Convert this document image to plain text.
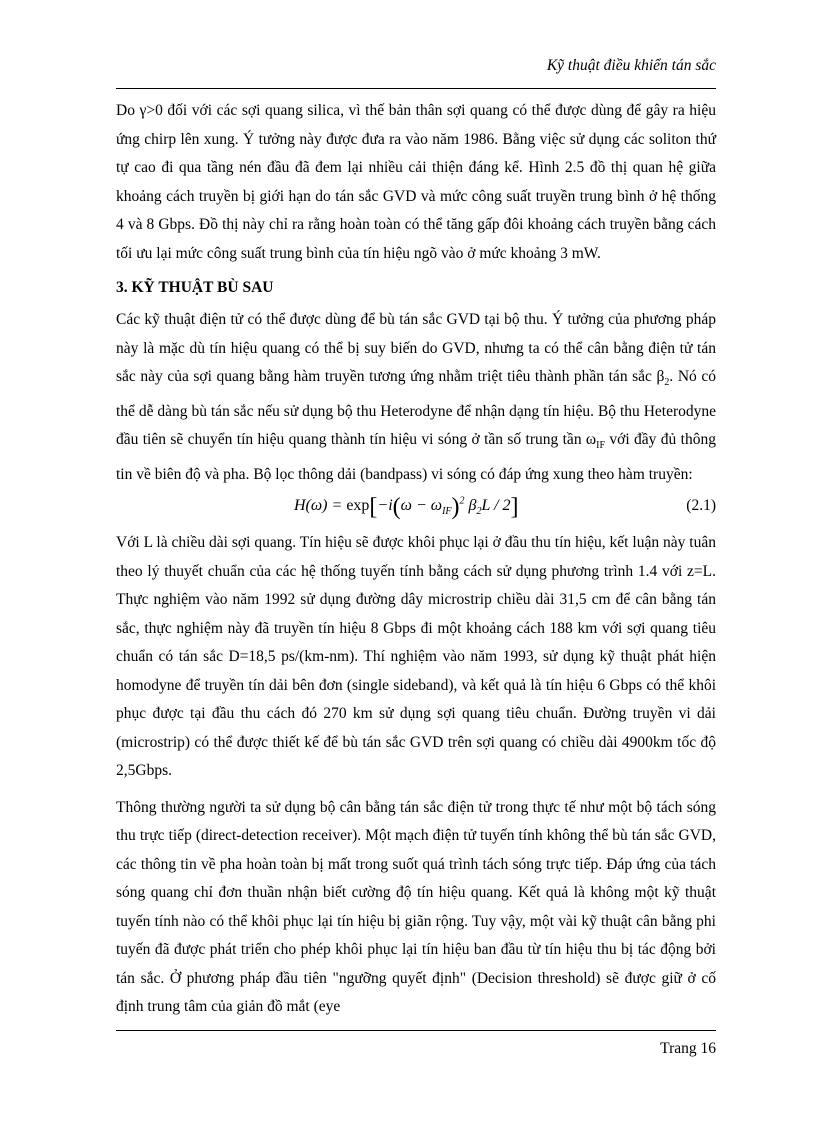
Kỹ thuật điều khiển tán sắc

Do γ>0 đối với các sợi quang silica, vì thế bản thân sợi quang có thể được dùng để gây ra hiệu ứng chirp lên xung. Ý tưởng này được đưa ra vào năm 1986. Bằng việc sử dụng các soliton thứ tự cao đi qua tầng nén đầu đã đem lại nhiều cải thiện đáng kể. Hình 2.5 đồ thị quan hệ giữa khoảng cách truyền bị giới hạn do tán sắc GVD và mức công suất truyền trung bình ở hệ thống 4 và 8 Gbps. Đồ thị này chỉ ra rằng hoàn toàn có thể tăng gấp đôi khoảng cách truyền bằng cách tối ưu lại mức công suất trung bình của tín hiệu ngõ vào ở mức khoảng 3 mW.

3. KỸ THUẬT BÙ SAU

Các kỹ thuật điện tử có thể được dùng để bù tán sắc GVD tại bộ thu. Ý tưởng của phương pháp này là mặc dù tín hiệu quang có thể bị suy biến do GVD, nhưng ta có thể cân bằng điện tử tán sắc này của sợi quang bằng hàm truyền tương ứng nhằm triệt tiêu thành phần tán sắc $\beta_2$. Nó có thể dễ dàng bù tán sắc nếu sử dụng bộ thu Heterodyne để nhận dạng tín hiệu. Bộ thu Heterodyne đầu tiên sẽ chuyển tín hiệu quang thành tín hiệu vi sóng ở tần số trung tần $\omega_{IF}$ với đầy đủ thông tin về biên độ và pha. Bộ lọc thông dải (bandpass) vi sóng có đáp ứng xung theo hàm truyền:

$H(\omega) = \exp[-i(\omega - \omega_{IF})^2$ $\beta_2L / 2$]	(2.1)

Với L là chiều dài sợi quang. Tín hiệu sẽ được khôi phục lại ở đầu thu tín hiệu, kết luận này tuân theo lý thuyết chuẩn của các hệ thống tuyến tính bằng cách sử dụng phương trình 1.4 với z=L. Thực nghiệm vào năm 1992 sử dụng đường dây microstrip chiều dài 31,5 cm để cân bằng tán sắc, thực nghiệm này đã truyền tín hiệu 8 Gbps đi một khoảng cách 188 km với sợi quang tiêu chuẩn có tán sắc D=18,5 ps/(km-nm). Thí nghiệm vào năm 1993, sử dụng kỹ thuật phát hiện homodyne để truyền tín dải bên đơn (single sideband), và kết quả là tín hiệu 6 Gbps có thể khôi phục được tại đầu thu cách đó 270 km sử dụng sợi quang tiêu chuẩn. Đường truyền vi dải (microstrip) có thể được thiết kế để bù tán sắc GVD trên sợi quang có chiều dài 4900km tốc độ 2,5Gbps.

Thông thường người ta sử dụng bộ cân bằng tán sắc điện tử trong thực tế như một bộ tách sóng thu trực tiếp (direct-detection receiver). Một mạch điện tử tuyến tính không thể bù tán sắc GVD, các thông tin về pha hoàn toàn bị mất trong suốt quá trình tách sóng trực tiếp. Đáp ứng của tách sóng quang chỉ đơn thuần nhận biết cường độ tín hiệu quang. Kết quả là không một kỹ thuật tuyến tính nào có thể khôi phục lại tín hiệu bị giãn rộng. Tuy vậy, một vài kỹ thuật cân bằng phi tuyến đã được phát triển cho phép khôi phục lại tín hiệu ban đầu từ tín hiệu thu bị tác động bởi tán sắc. Ở phương pháp đầu tiên "ngưỡng quyết định" (Decision threshold) sẽ được giữ ở cố định trung tâm của giản đồ mắt (eye

Trang 16
